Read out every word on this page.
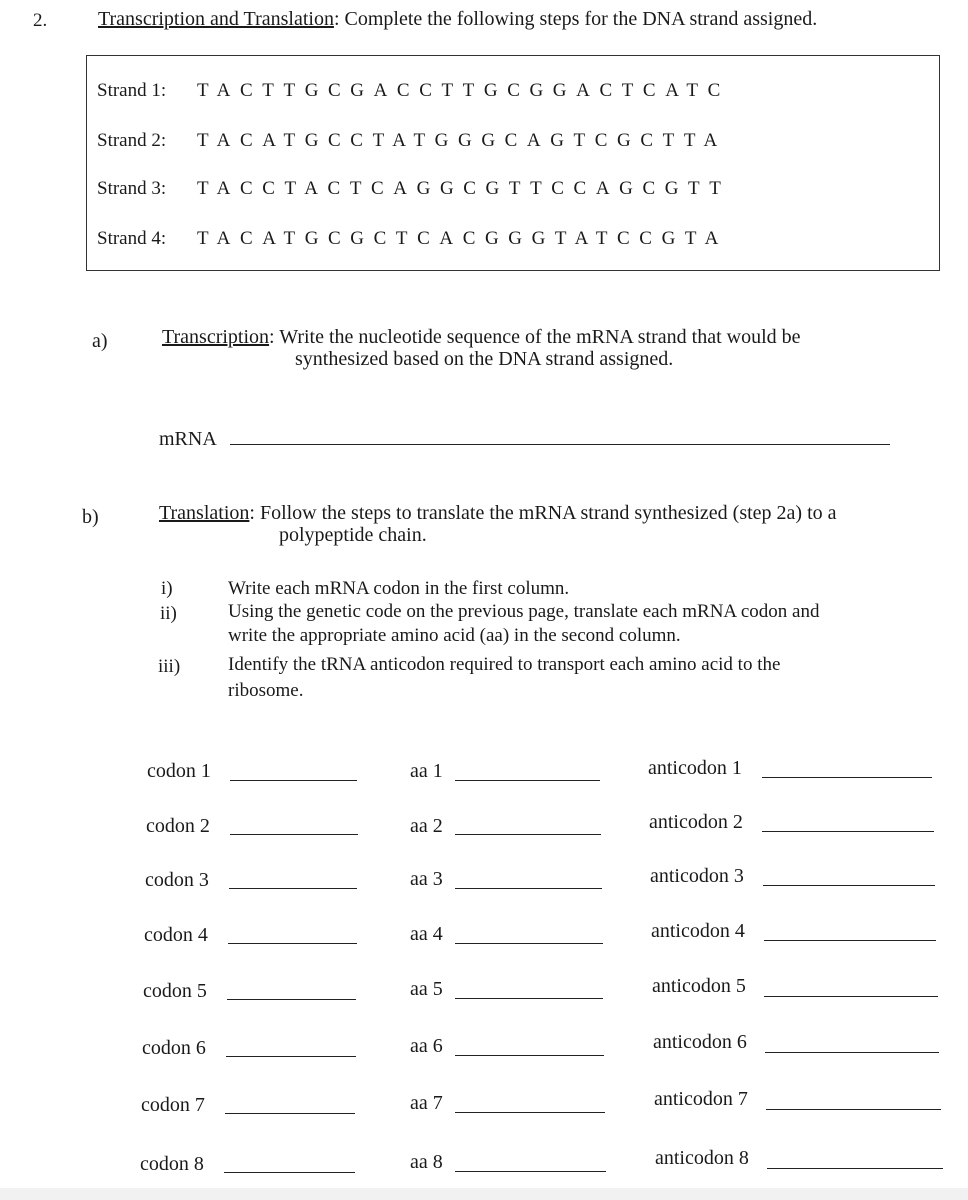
2.	Transcription and Translation: Complete the following steps for the DNA strand assigned.
Strand 1:	TACTTGCGACCTTGCGGACTCATC
Strand 2:	TACATGCCTATGGGCAGTCGCTTA
Strand 3:	TACCTACTCAGGCGTTCCAGCGTT
Strand 4:	TACATGCGCTCACGGGTATCCGTA
a)	Transcription: Write the nucleotide sequence of the mRNA strand that would be
synthesized based on the DNA strand assigned.
mRNA
b)	Translation: Follow the steps to translate the mRNA strand synthesized (step 2a) to a
polypeptide chain.
i)	Write each mRNA codon in the first column.
ii)	Using the genetic code on the previous page, translate each mRNA codon and
write the appropriate amino acid (aa) in the second column.
iii)	Identify the tRNA anticodon required to transport each amino acid to the
ribosome.
codon 1	aa 1	anticodon 1
codon 2	aa 2	anticodon 2
codon 3	aa 3	anticodon 3
codon 4	aa 4	anticodon 4
codon 5	aa 5	anticodon 5
codon 6	aa 6	anticodon 6
codon 7	aa 7	anticodon 7
codon 8	aa 8	anticodon 8
